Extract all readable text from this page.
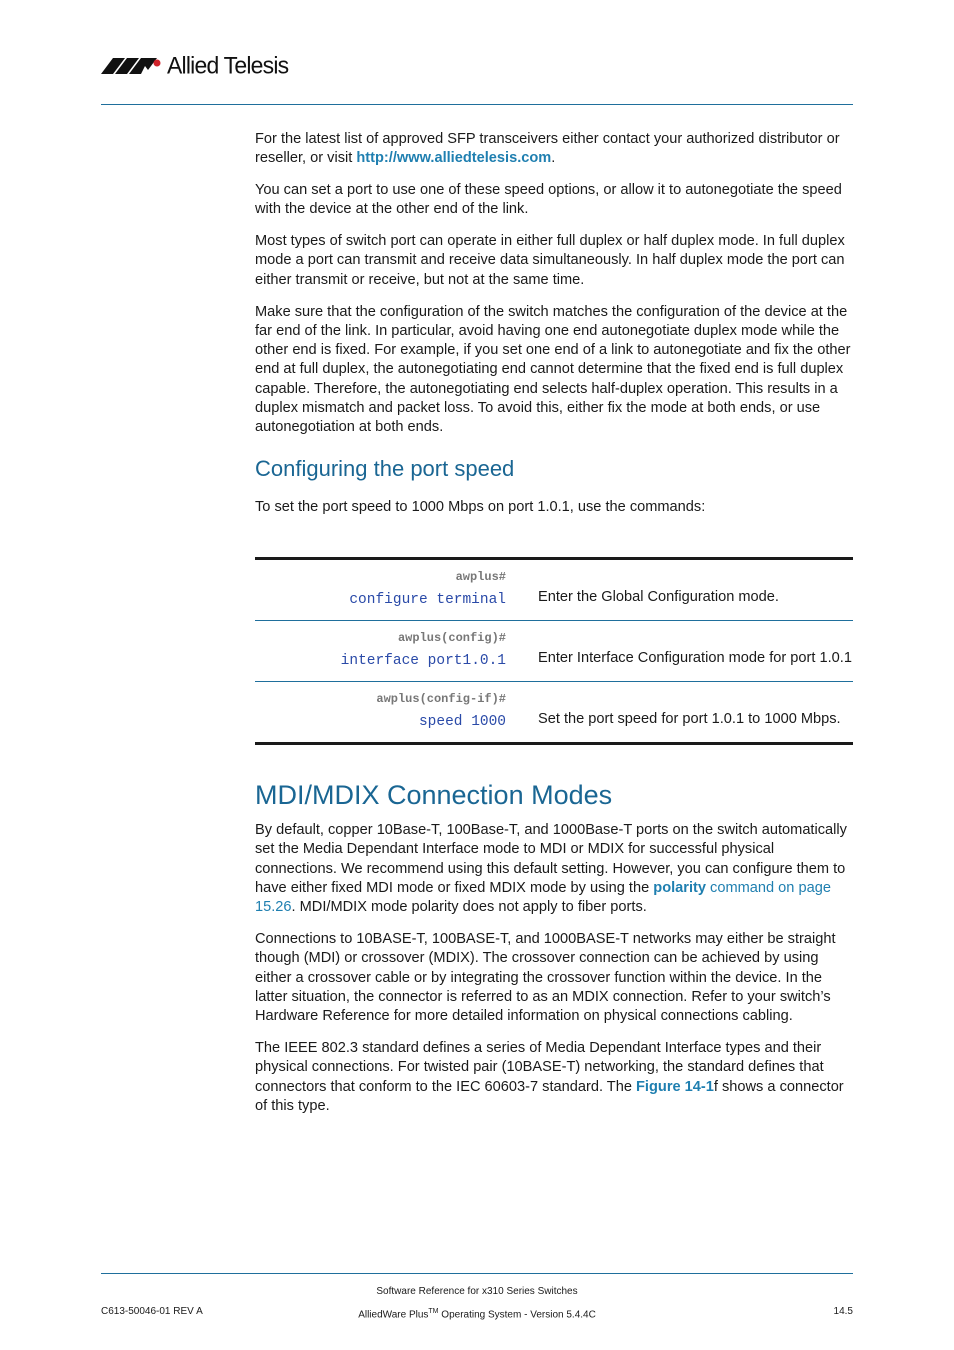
Allied Telesis

For the latest list of approved SFP transceivers either contact your authorized distributor or reseller, or visit http://www.alliedtelesis.com.

You can set a port to use one of these speed options, or allow it to autonegotiate the speed with the device at the other end of the link.

Most types of switch port can operate in either full duplex or half duplex mode. In full duplex mode a port can transmit and receive data simultaneously. In half duplex mode the port can either transmit or receive, but not at the same time.

Make sure that the configuration of the switch matches the configuration of the device at the far end of the link. In particular, avoid having one end autonegotiate duplex mode while the other end is fixed. For example, if you set one end of a link to autonegotiate and fix the other end at full duplex, the autonegotiating end cannot determine that the fixed end is full duplex capable. Therefore, the autonegotiating end selects half-duplex operation. This results in a duplex mismatch and packet loss. To avoid this, either fix the mode at both ends, or use autonegotiation at both ends.

Configuring the port speed

To set the port speed to 1000 Mbps on port 1.0.1, use the commands:

awplus#
configure terminal	Enter the Global Configuration mode.

awplus(config)#
interface port1.0.1	Enter Interface Configuration mode for port 1.0.1

awplus(config-if)#
speed 1000	Set the port speed for port 1.0.1 to 1000 Mbps.
MDI/MDIX Connection Modes

By default, copper 10Base-T, 100Base-T, and 1000Base-T ports on the switch automatically set the Media Dependant Interface mode to MDI or MDIX for successful physical connections. We recommend using this default setting. However, you can configure them to have either fixed MDI mode or fixed MDIX mode by using the polarity command on page 15.26. MDI/MDIX mode polarity does not apply to fiber ports.

Connections to 10BASE-T, 100BASE-T, and 1000BASE-T networks may either be straight though (MDI) or crossover (MDIX). The crossover connection can be achieved by using either a crossover cable or by integrating the crossover function within the device. In the latter situation, the connector is referred to as an MDIX connection. Refer to your switch’s Hardware Reference for more detailed information on physical connections cabling.

The IEEE 802.3 standard defines a series of Media Dependant Interface types and their physical connections. For twisted pair (10BASE-T) networking, the standard defines that connectors that conform to the IEC 60603-7 standard. The Figure 14-1f shows a connector of this type.

Software Reference for x310 Series Switches
AlliedWare Plus™ Operating System - Version 5.4.4C
C613-50046-01 REV A	14.5
